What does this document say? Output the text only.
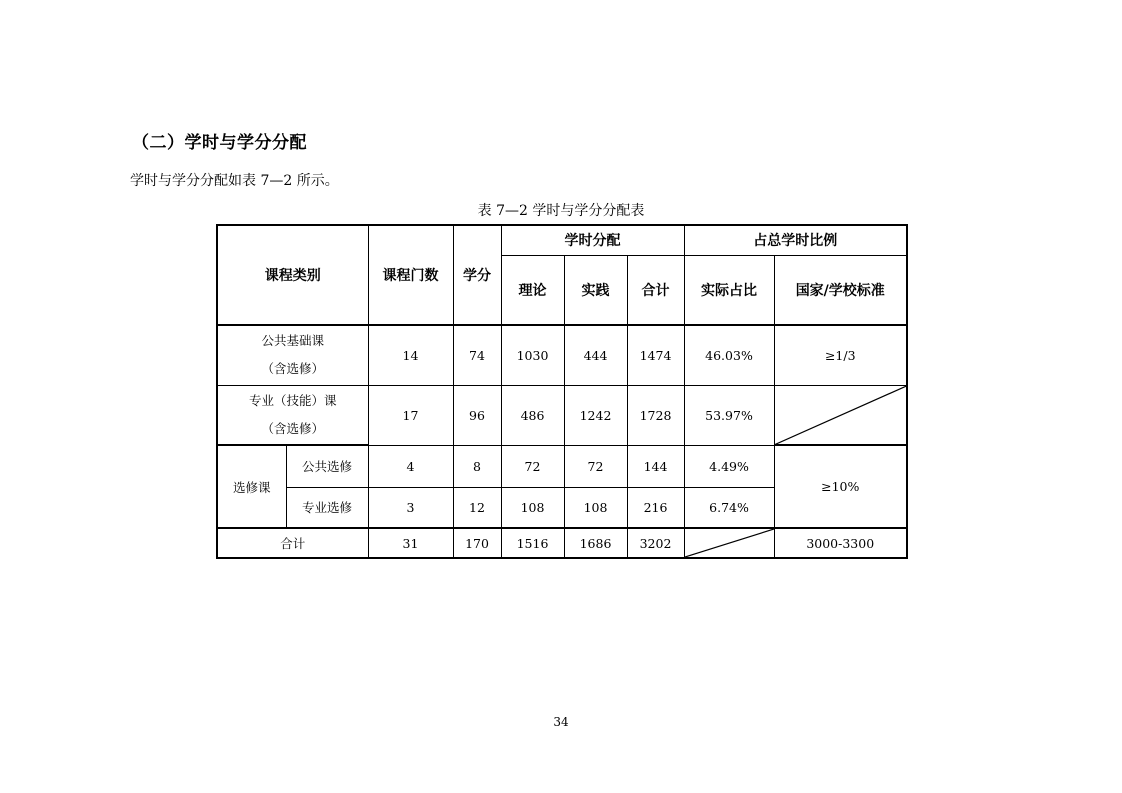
（二）学时与学分分配
学时与学分分配如表 7—2 所示。
表 7—2 学时与学分分配表
课程类别		课程门数	学分	学时分配			占总学时比例	
				理论	实践	合计	实际占比	国家/学校标准

公共基础课
（含选修）		14	74	1030	444	1474	46.03%	≥1/3

专业（技能）课
（含选修）		17	96	486	1242	1728	53.97%	

选修课	公共选修	4	8	72	72	144	4.49%	≥10%
	专业选修	3	12	108	108	216	6.74%	
合计		31	170	1516	1686	3202		3000-3300
34
